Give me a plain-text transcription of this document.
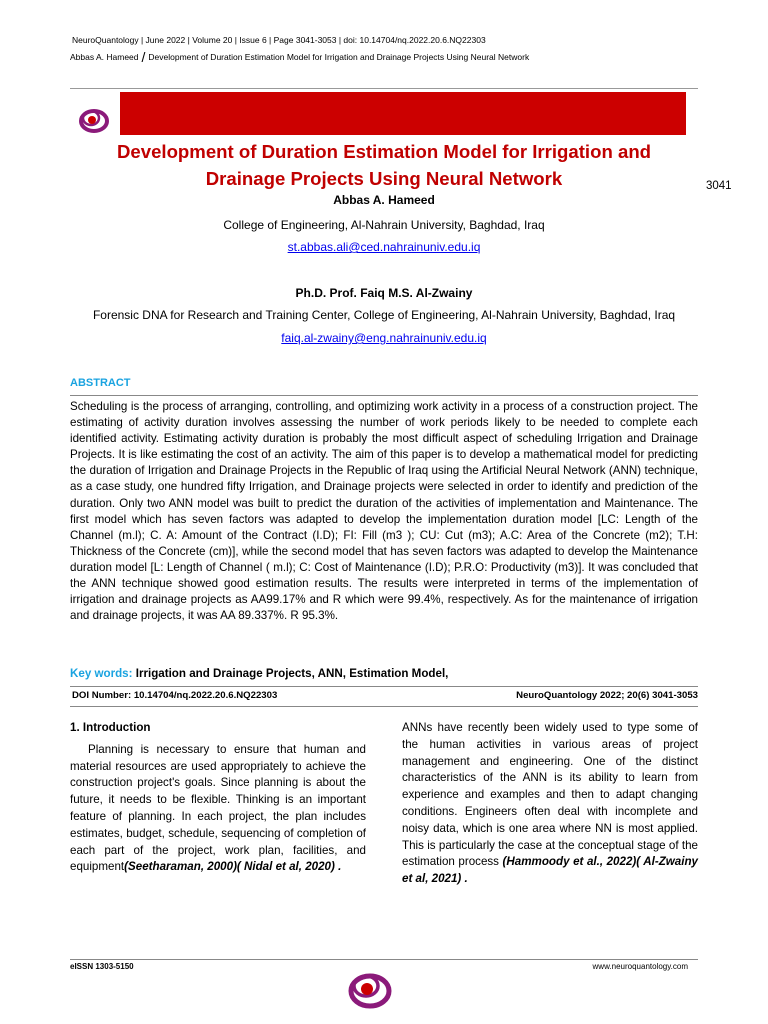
NeuroQuantology | June 2022 | Volume 20 | Issue 6 | Page 3041-3053 | doi: 10.14704/nq.2022.20.6.NQ22303
Abbas A. Hameed / Development of Duration Estimation Model for Irrigation and Drainage Projects Using Neural Network
Development of Duration Estimation Model for Irrigation and
Drainage Projects Using Neural Network	3041
Abbas A. Hameed
College of Engineering, Al-Nahrain University, Baghdad, Iraq
st.abbas.ali@ced.nahrainuniv.edu.iq
Ph.D. Prof. Faiq M.S. Al-Zwainy
Forensic DNA for Research and Training Center, College of Engineering, Al-Nahrain University, Baghdad, Iraq
faiq.al-zwainy@eng.nahrainuniv.edu.iq
ABSTRACT
Scheduling is the process of arranging, controlling, and optimizing work activity in a process of a construction project. The estimating of activity duration involves assessing the number of work periods likely to be needed to complete each identified activity. Estimating activity duration is probably the most difficult aspect of scheduling Irrigation and Drainage Projects. It is like estimating the cost of an activity. The aim of this paper is to develop a mathematical model for predicting the duration of Irrigation and Drainage Projects in the Republic of Iraq using the Artificial Neural Network (ANN) technique, as a case study, one hundred fifty Irrigation, and Drainage projects were selected in order to identify and prediction of the duration. Only two ANN model was built to predict the duration of the activities of implementation and Maintenance. The first model which has seven factors was adapted to develop the implementation duration model [LC: Length of the Channel (m.l); C. A: Amount of the Contract (I.D); FI: Fill (m3 ); CU: Cut (m3); A.C: Area of the Concrete (m2); T.H: Thickness of the Concrete (cm)], while the second model that has seven factors was adapted to develop the Maintenance duration model [L: Length of Channel ( m.l); C: Cost of Maintenance (I.D); P.R.O: Productivity (m3)]. It was concluded that the ANN technique showed good estimation results. The results were interpreted in terms of the implementation of irrigation and drainage projects as AA99.17% and R which were 99.4%, respectively. As for the maintenance of irrigation and drainage projects, it was AA 89.337%. R 95.3%.
Key words: Irrigation and Drainage Projects, ANN, Estimation Model,
DOI Number: 10.14704/nq.2022.20.6.NQ22303	NeuroQuantology 2022; 20(6) 3041-3053
1. Introduction

Planning is necessary to ensure that human and material resources are used appropriately to achieve the construction project's goals. Since planning is about the future, it needs to be flexible. Thinking is an important feature of planning. In each project, the plan includes estimates, budget, schedule, sequencing of completion of each part of the project, work plan, facilities, and equipment(Seetharaman, 2000)( Nidal et al, 2020) .

ANNs have recently been widely used to type some of the human activities in various areas of project management and engineering. One of the distinct characteristics of the ANN is its ability to learn from experience and examples and then to adapt changing conditions. Engineers often deal with incomplete and noisy data, which is one area where NN is most applied. This is particularly the case at the conceptual stage of the estimation process (Hammoody et al., 2022)( Al-Zwainy et al, 2021) .

eISSN 1303-5150	www.neuroquantology.com
